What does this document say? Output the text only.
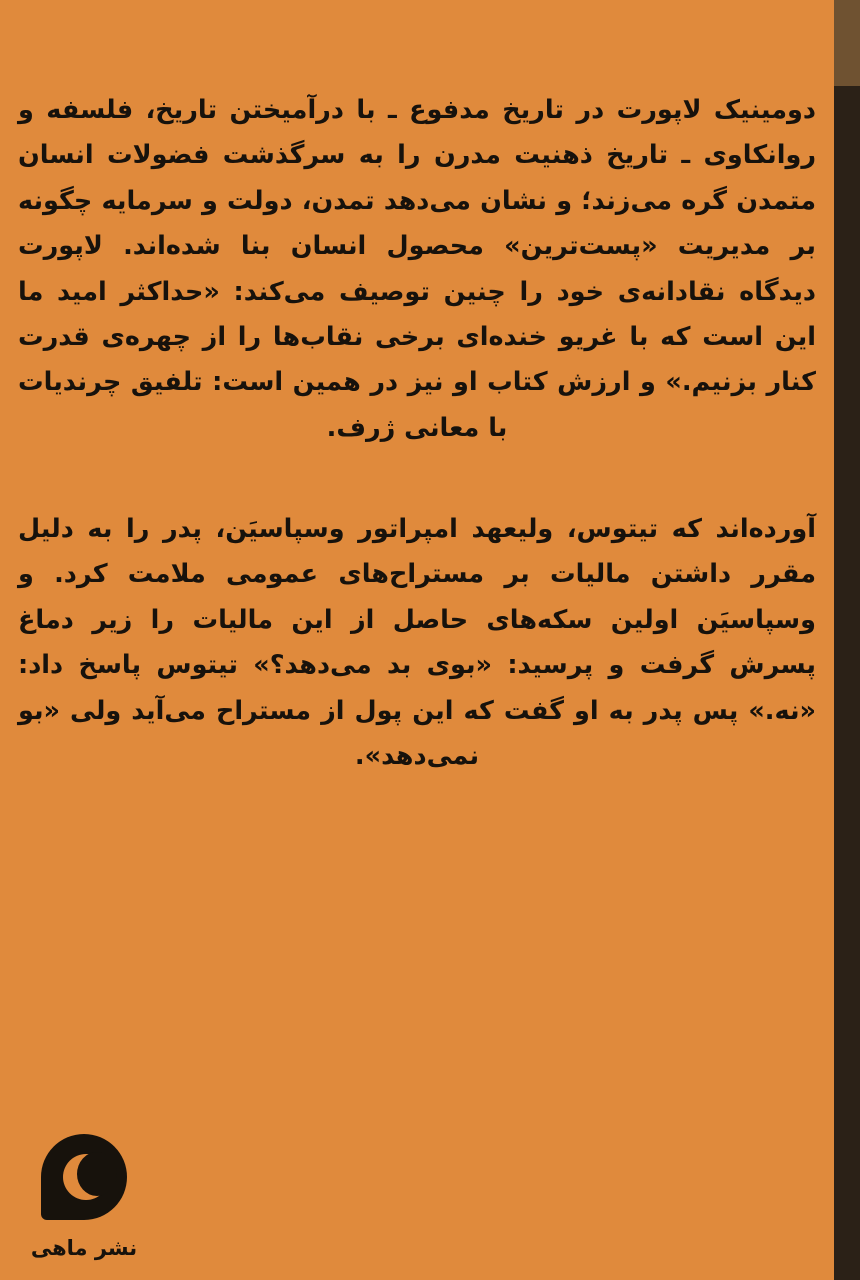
دومینیک لاپورت در تاریخ مدفوع ـ با درآمیختن تاریخ، فلسفه و روانکاوی ـ تاریخ ذهنیت مدرن را به سرگذشت فضولات انسان متمدن گره می‌زند؛ و نشان می‌دهد تمدن، دولت و سرمایه چگونه بر مدیریت «پست‌ترین» محصول انسان بنا شده‌اند. لاپورت دیدگاه نقادانه‌ی خود را چنین توصیف می‌کند: «حداکثر امید ما این است که با غریو خنده‌ای برخی نقاب‌ها را از چهره‌ی قدرت کنار بزنیم.» و ارزش کتاب او نیز در همین است: تلفیق چرندیات با معانی ژرف.

آورده‌اند که تیتوس، ولیعهد امپراتور وسپاسیَن، پدر را به دلیل مقرر داشتن مالیات بر مستراح‌های عمومی ملامت کرد. و وسپاسیَن اولین سکه‌های حاصل از این مالیات را زیر دماغ پسرش گرفت و پرسید: «بوی بد می‌دهد؟» تیتوس پاسخ داد: «نه.» پس پدر به او گفت که این پول از مستراح می‌آید ولی «بو نمی‌دهد».

نشر ماهی
